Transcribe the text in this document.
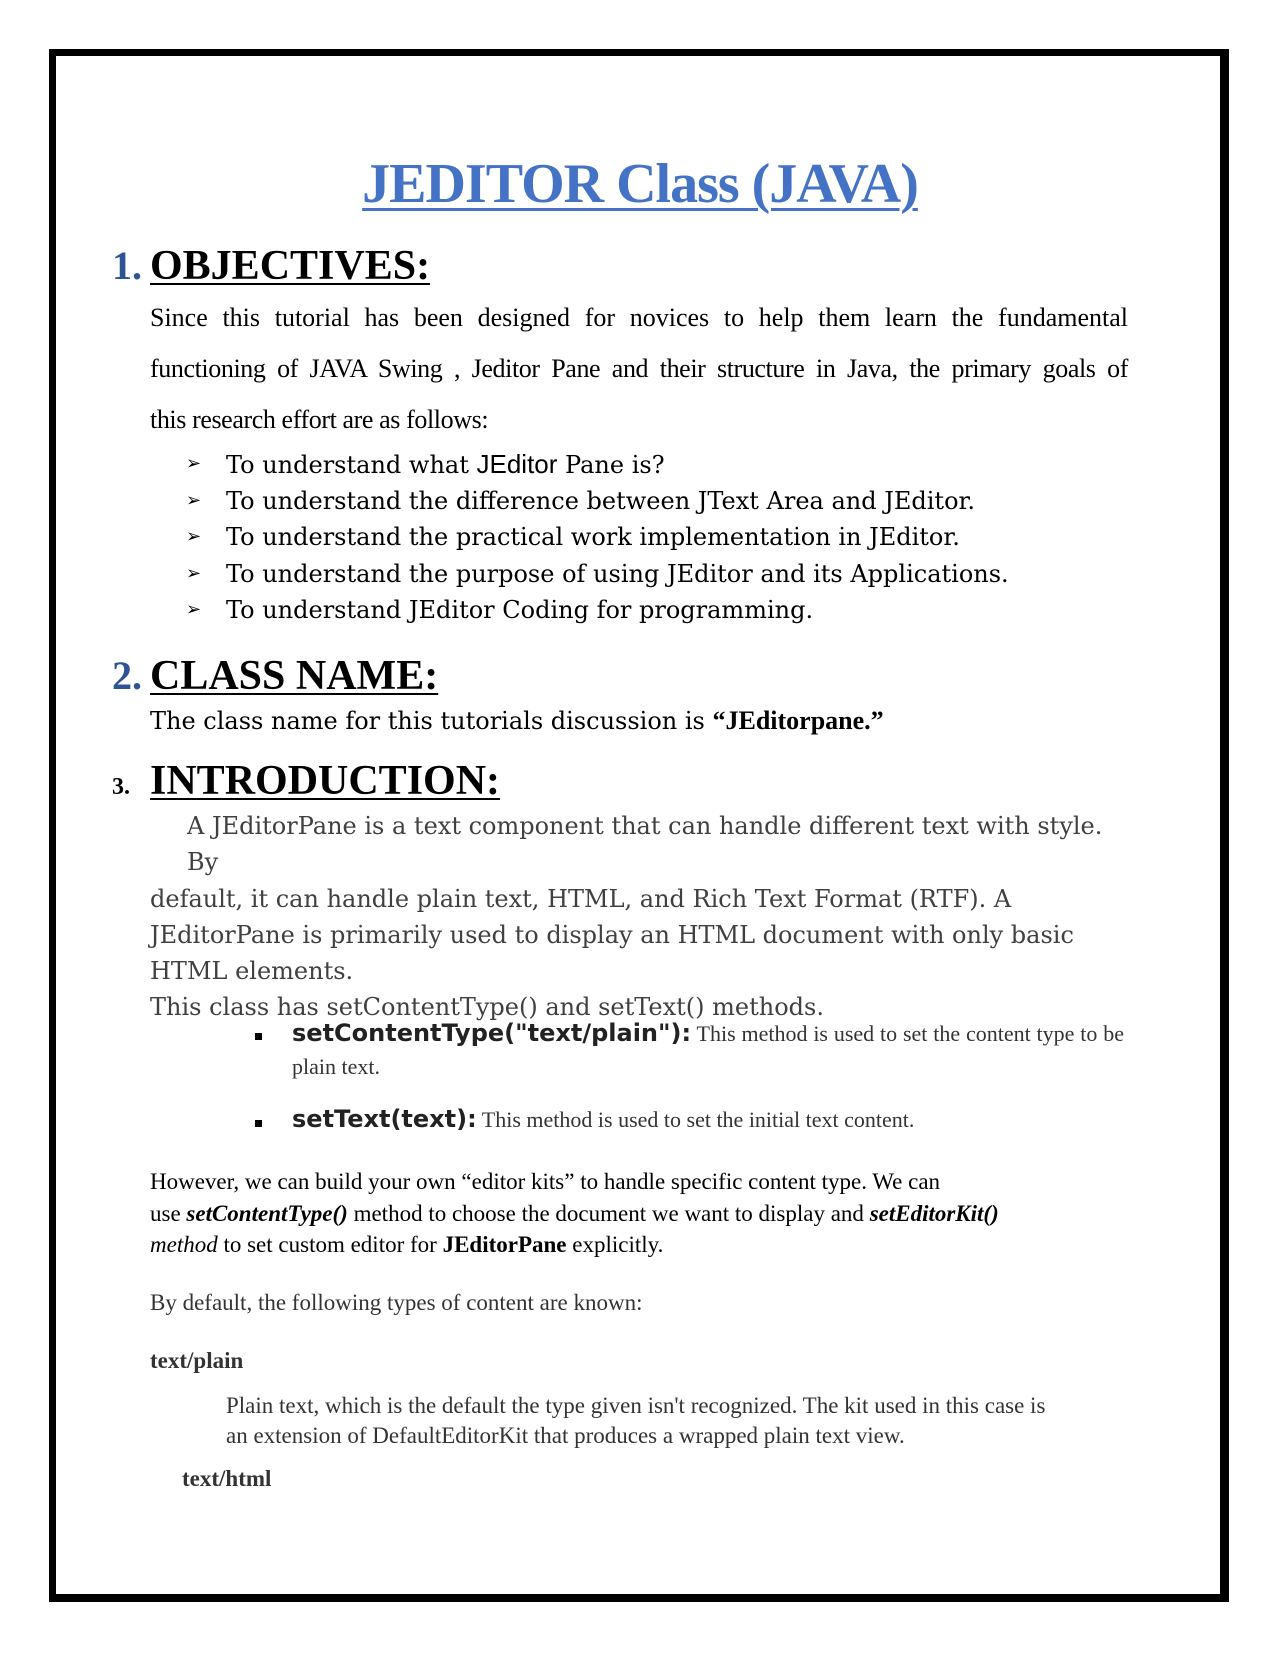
JEDITOR Class (JAVA)
1. OBJECTIVES:
Since this tutorial has been designed for novices to help them learn the fundamental
functioning of JAVA Swing , Jeditor Pane and their structure in Java, the primary goals of
this research effort are as follows:
➢ To understand what JEditor Pane is?
➢ To understand the difference between JText Area and JEditor.
➢ To understand the practical work implementation in JEditor.
➢ To understand the purpose of using JEditor and its Applications.
➢ To understand JEditor Coding for programming.
2. CLASS NAME:
The class name for this tutorials discussion is “JEditorpane.”
3. INTRODUCTION:
A JEditorPane is a text component that can handle different text with style. By
default, it can handle plain text, HTML, and Rich Text Format (RTF). A
JEditorPane is primarily used to display an HTML document with only basic
HTML elements.
This class has setContentType() and setText() methods.
setContentType("text/plain"): This method is used to set the content type to be plain text.
setText(text): This method is used to set the initial text content.
However, we can build your own “editor kits” to handle specific content type. We can
use setContentType() method to choose the document we want to display and setEditorKit()
method to set custom editor for JEditorPane explicitly.
By default, the following types of content are known:
text/plain
Plain text, which is the default the type given isn't recognized. The kit used in this case is
an extension of DefaultEditorKit that produces a wrapped plain text view.
text/html
